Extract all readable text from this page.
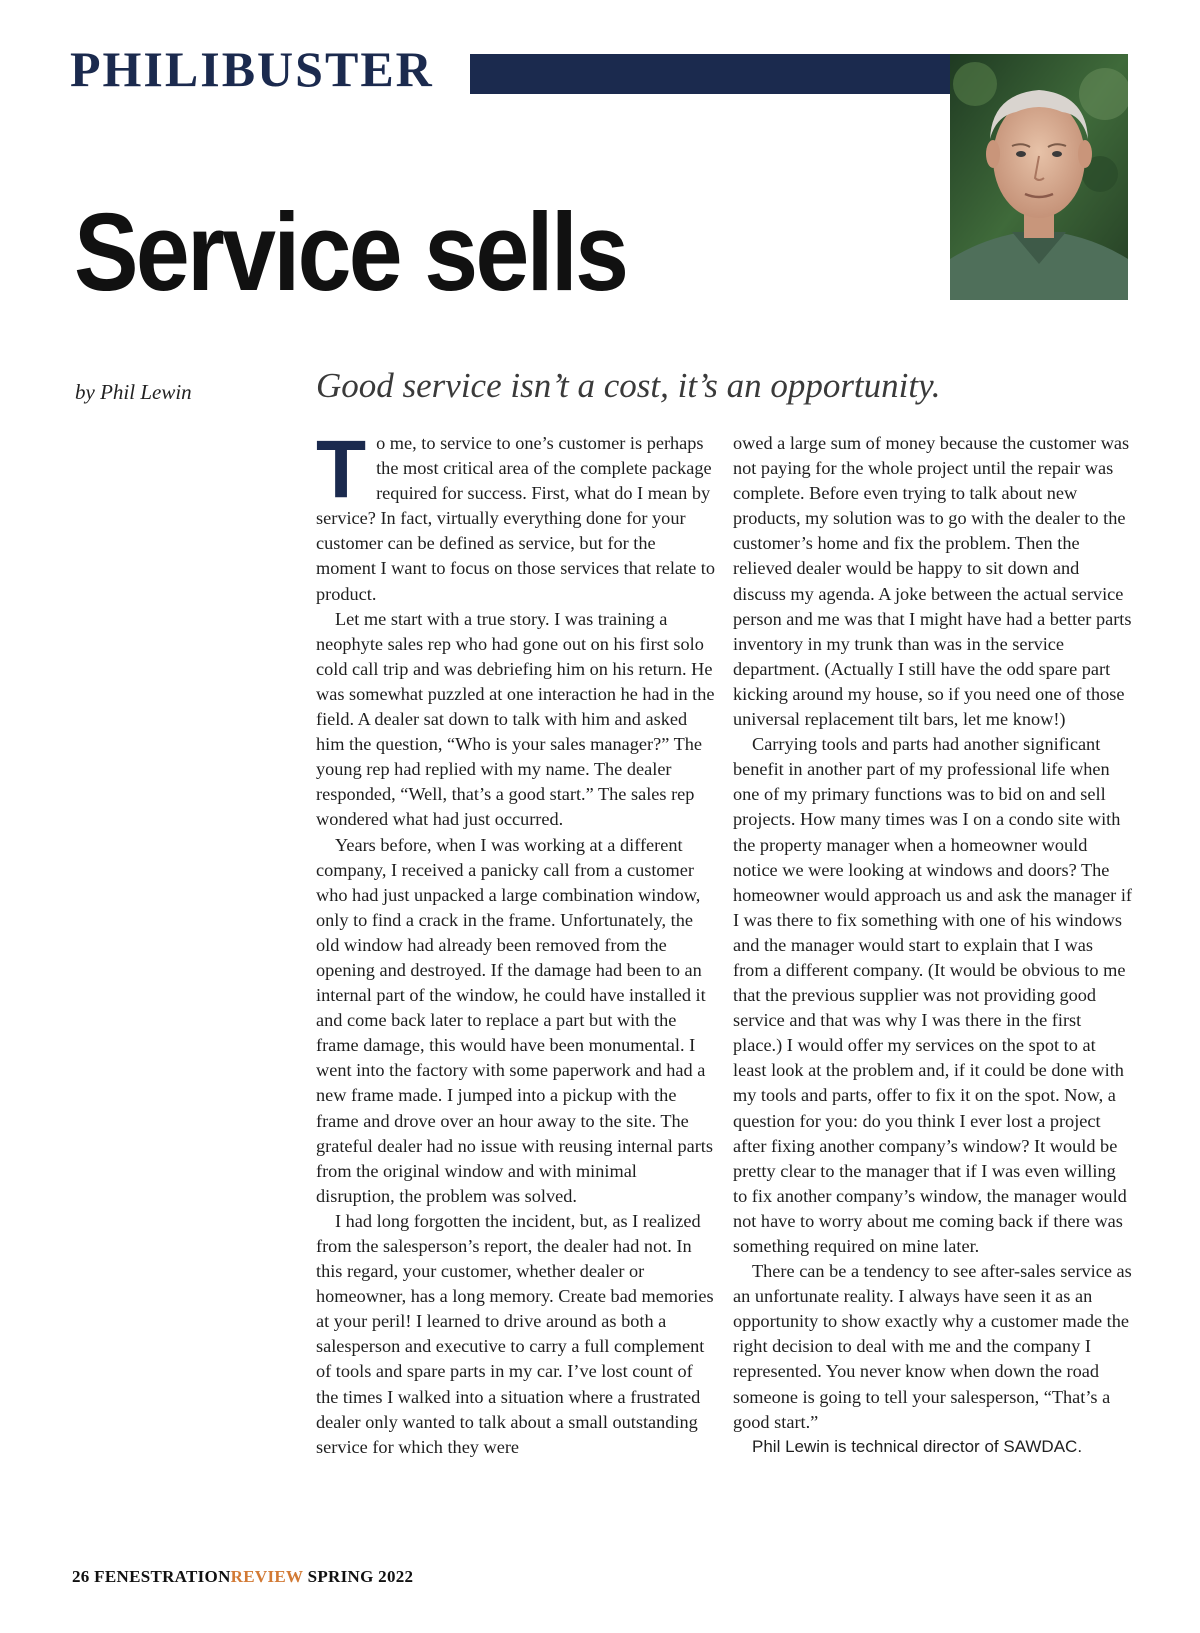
PHILIBUSTER
Service sells
by Phil Lewin	Good service isn’t a cost, it’s an opportunity.

To me, to service to one’s customer is perhaps the most critical area of the complete package required for success. First, what do I mean by service? In fact, virtually everything done for your customer can be defined as service, but for the moment I want to focus on those services that relate to product.

Let me start with a true story. I was training a neophyte sales rep who had gone out on his first solo cold call trip and was debriefing him on his return. He was somewhat puzzled at one interaction he had in the field. A dealer sat down to talk with him and asked him the question, “Who is your sales manager?” The young rep had replied with my name. The dealer responded, “Well, that’s a good start.” The sales rep wondered what had just occurred.

Years before, when I was working at a different company, I received a panicky call from a customer who had just unpacked a large combination window, only to find a crack in the frame. Unfortunately, the old window had already been removed from the opening and destroyed. If the damage had been to an internal part of the window, he could have installed it and come back later to replace a part but with the frame damage, this would have been monumental. I went into the factory with some paperwork and had a new frame made. I jumped into a pickup with the frame and drove over an hour away to the site. The grateful dealer had no issue with reusing internal parts from the original window and with minimal disruption, the problem was solved.

I had long forgotten the incident, but, as I realized from the salesperson’s report, the dealer had not. In this regard, your customer, whether dealer or homeowner, has a long memory. Create bad memories at your peril! I learned to drive around as both a salesperson and executive to carry a full complement of tools and spare parts in my car. I’ve lost count of the times I walked into a situation where a frustrated dealer only wanted to talk about a small outstanding service for which they were

owed a large sum of money because the customer was not paying for the whole project until the repair was complete. Before even trying to talk about new products, my solution was to go with the dealer to the customer’s home and fix the problem. Then the relieved dealer would be happy to sit down and discuss my agenda. A joke between the actual service person and me was that I might have had a better parts inventory in my trunk than was in the service department. (Actually I still have the odd spare part kicking around my house, so if you need one of those universal replacement tilt bars, let me know!)

Carrying tools and parts had another significant benefit in another part of my professional life when one of my primary functions was to bid on and sell projects. How many times was I on a condo site with the property manager when a homeowner would notice we were looking at windows and doors? The homeowner would approach us and ask the manager if I was there to fix something with one of his windows and the manager would start to explain that I was from a different company. (It would be obvious to me that the previous supplier was not providing good service and that was why I was there in the first place.) I would offer my services on the spot to at least look at the problem and, if it could be done with my tools and parts, offer to fix it on the spot. Now, a question for you: do you think I ever lost a project after fixing another company’s window? It would be pretty clear to the manager that if I was even willing to fix another company’s window, the manager would not have to worry about me coming back if there was something required on mine later.

There can be a tendency to see after-sales service as an unfortunate reality. I always have seen it as an opportunity to show exactly why a customer made the right decision to deal with me and the company I represented. You never know when down the road someone is going to tell your salesperson, “That’s a good start.”

Phil Lewin is technical director of SAWDAC.

26 FENESTRATIONREVIEW SPRING 2022
